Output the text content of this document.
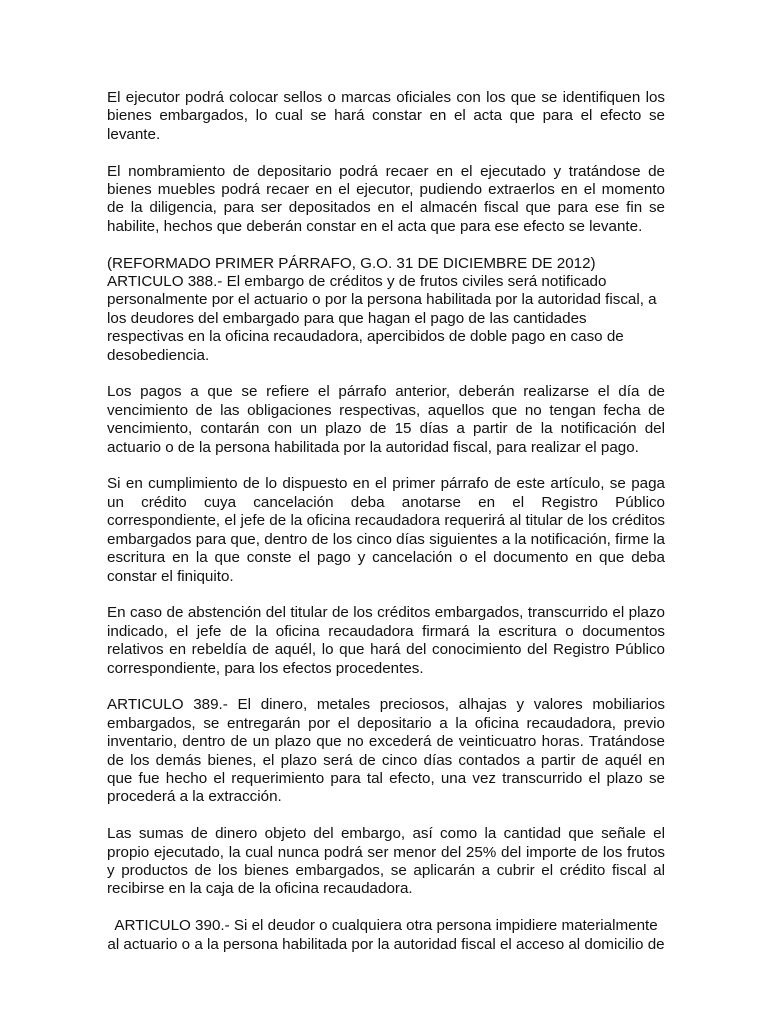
El ejecutor podrá colocar sellos o marcas oficiales con los que se identifiquen los bienes embargados, lo cual se hará constar en el acta que para el efecto se levante.

El nombramiento de depositario podrá recaer en el ejecutado y tratándose de bienes muebles podrá recaer en el ejecutor, pudiendo extraerlos en el momento de la diligencia, para ser depositados en el almacén fiscal que para ese fin se habilite, hechos que deberán constar en el acta que para ese efecto se levante.

(REFORMADO PRIMER PÁRRAFO, G.O. 31 DE DICIEMBRE DE 2012)

ARTICULO 388.- El embargo de créditos y de frutos civiles será notificado personalmente por el actuario o por la persona habilitada por la autoridad fiscal, a los deudores del embargado para que hagan el pago de las cantidades respectivas en la oficina recaudadora, apercibidos de doble pago en caso de desobediencia.

Los pagos a que se refiere el párrafo anterior, deberán realizarse el día de vencimiento de las obligaciones respectivas, aquellos que no tengan fecha de vencimiento, contarán con un plazo de 15 días a partir de la notificación del actuario o de la persona habilitada por la autoridad fiscal, para realizar el pago.

Si en cumplimiento de lo dispuesto en el primer párrafo de este artículo, se paga un crédito cuya cancelación deba anotarse en el Registro Público correspondiente, el jefe de la oficina recaudadora requerirá al titular de los créditos embargados para que, dentro de los cinco días siguientes a la notificación, firme la escritura en la que conste el pago y cancelación o el documento en que deba constar el finiquito.

En caso de abstención del titular de los créditos embargados, transcurrido el plazo indicado, el jefe de la oficina recaudadora firmará la escritura o documentos relativos en rebeldía de aquél, lo que hará del conocimiento del Registro Público correspondiente, para los efectos procedentes.

ARTICULO 389.- El dinero, metales preciosos, alhajas y valores mobiliarios embargados, se entregarán por el depositario a la oficina recaudadora, previo inventario, dentro de un plazo que no excederá de veinticuatro horas. Tratándose de los demás bienes, el plazo será de cinco días contados a partir de aquél en que fue hecho el requerimiento para tal efecto, una vez transcurrido el plazo se procederá a la extracción.

Las sumas de dinero objeto del embargo, así como la cantidad que señale el propio ejecutado, la cual nunca podrá ser menor del 25% del importe de los frutos y productos de los bienes embargados, se aplicarán a cubrir el crédito fiscal al recibirse en la caja de la oficina recaudadora.

ARTICULO 390.- Si el deudor o cualquiera otra persona impidiere materialmente al actuario o a la persona habilitada por la autoridad fiscal el acceso al domicilio de
